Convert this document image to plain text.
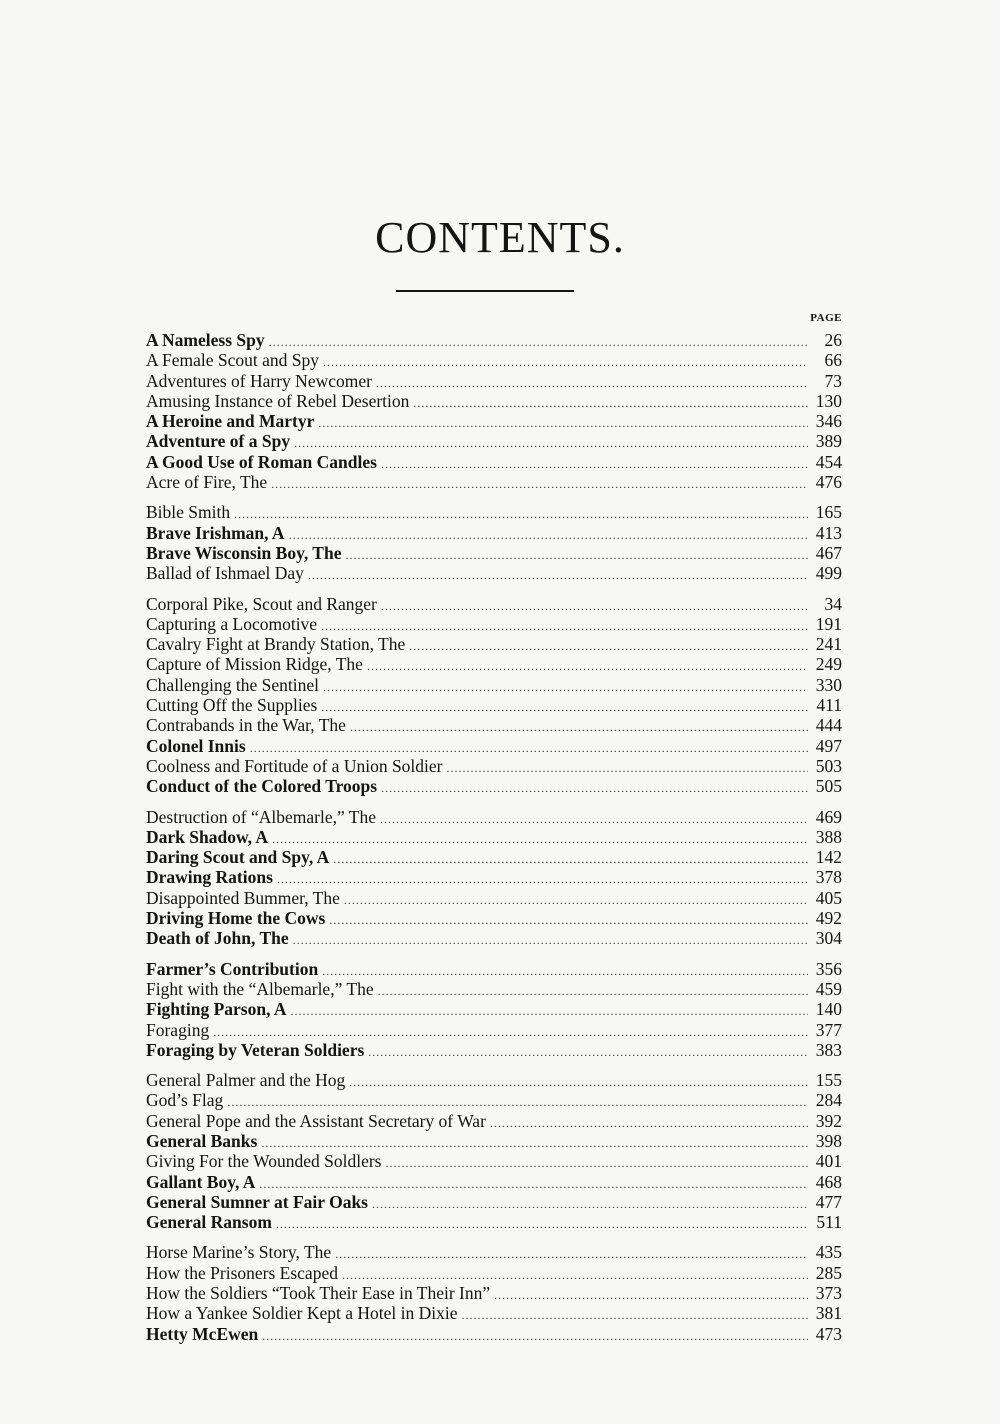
CONTENTS.
PAGE
A Nameless Spy .....	26
A Female Scout and Spy .....	66
Adventures of Harry Newcomer .....	73
Amusing Instance of Rebel Desertion .....	130
A Heroine and Martyr .....	346
Adventure of a Spy .....	389
A Good Use of Roman Candles .....	454
Acre of Fire, The .....	476
Bible Smith .....	165
Brave Irishman, A .....	413
Brave Wisconsin Boy, The .....	467
Ballad of Ishmael Day .....	499
Corporal Pike, Scout and Ranger .....	34
Capturing a Locomotive .....	191
Cavalry Fight at Brandy Station, The .....	241
Capture of Mission Ridge, The .....	249
Challenging the Sentinel .....	330
Cutting Off the Supplies .....	411
Contrabands in the War, The .....	444
Colonel Innis .....	497
Coolness and Fortitude of a Union Soldier .....	503
Conduct of the Colored Troops .....	505
Destruction of “Albemarle,” The .....	469
Dark Shadow, A .....	388
Daring Scout and Spy, A .....	142
Drawing Rations .....	378
Disappointed Bummer, The .....	405
Driving Home the Cows .....	492
Death of John, The .....	304
Farmer’s Contribution .....	356
Fight with the “Albemarle,” The .....	459
Fighting Parson, A .....	140
Foraging .....	377
Foraging by Veteran Soldiers .....	383
General Palmer and the Hog .....	155
God’s Flag .....	284
General Pope and the Assistant Secretary of War .....	392
General Banks .....	398
Giving For the Wounded Soldlers .....	401
Gallant Boy, A .....	468
General Sumner at Fair Oaks .....	477
General Ransom .....	511
Horse Marine’s Story, The .....	435
How the Prisoners Escaped .....	285
How the Soldiers “Took Their Ease in Their Inn” .....	373
How a Yankee Soldier Kept a Hotel in Dixie .....	381
Hetty McEwen .....	473
